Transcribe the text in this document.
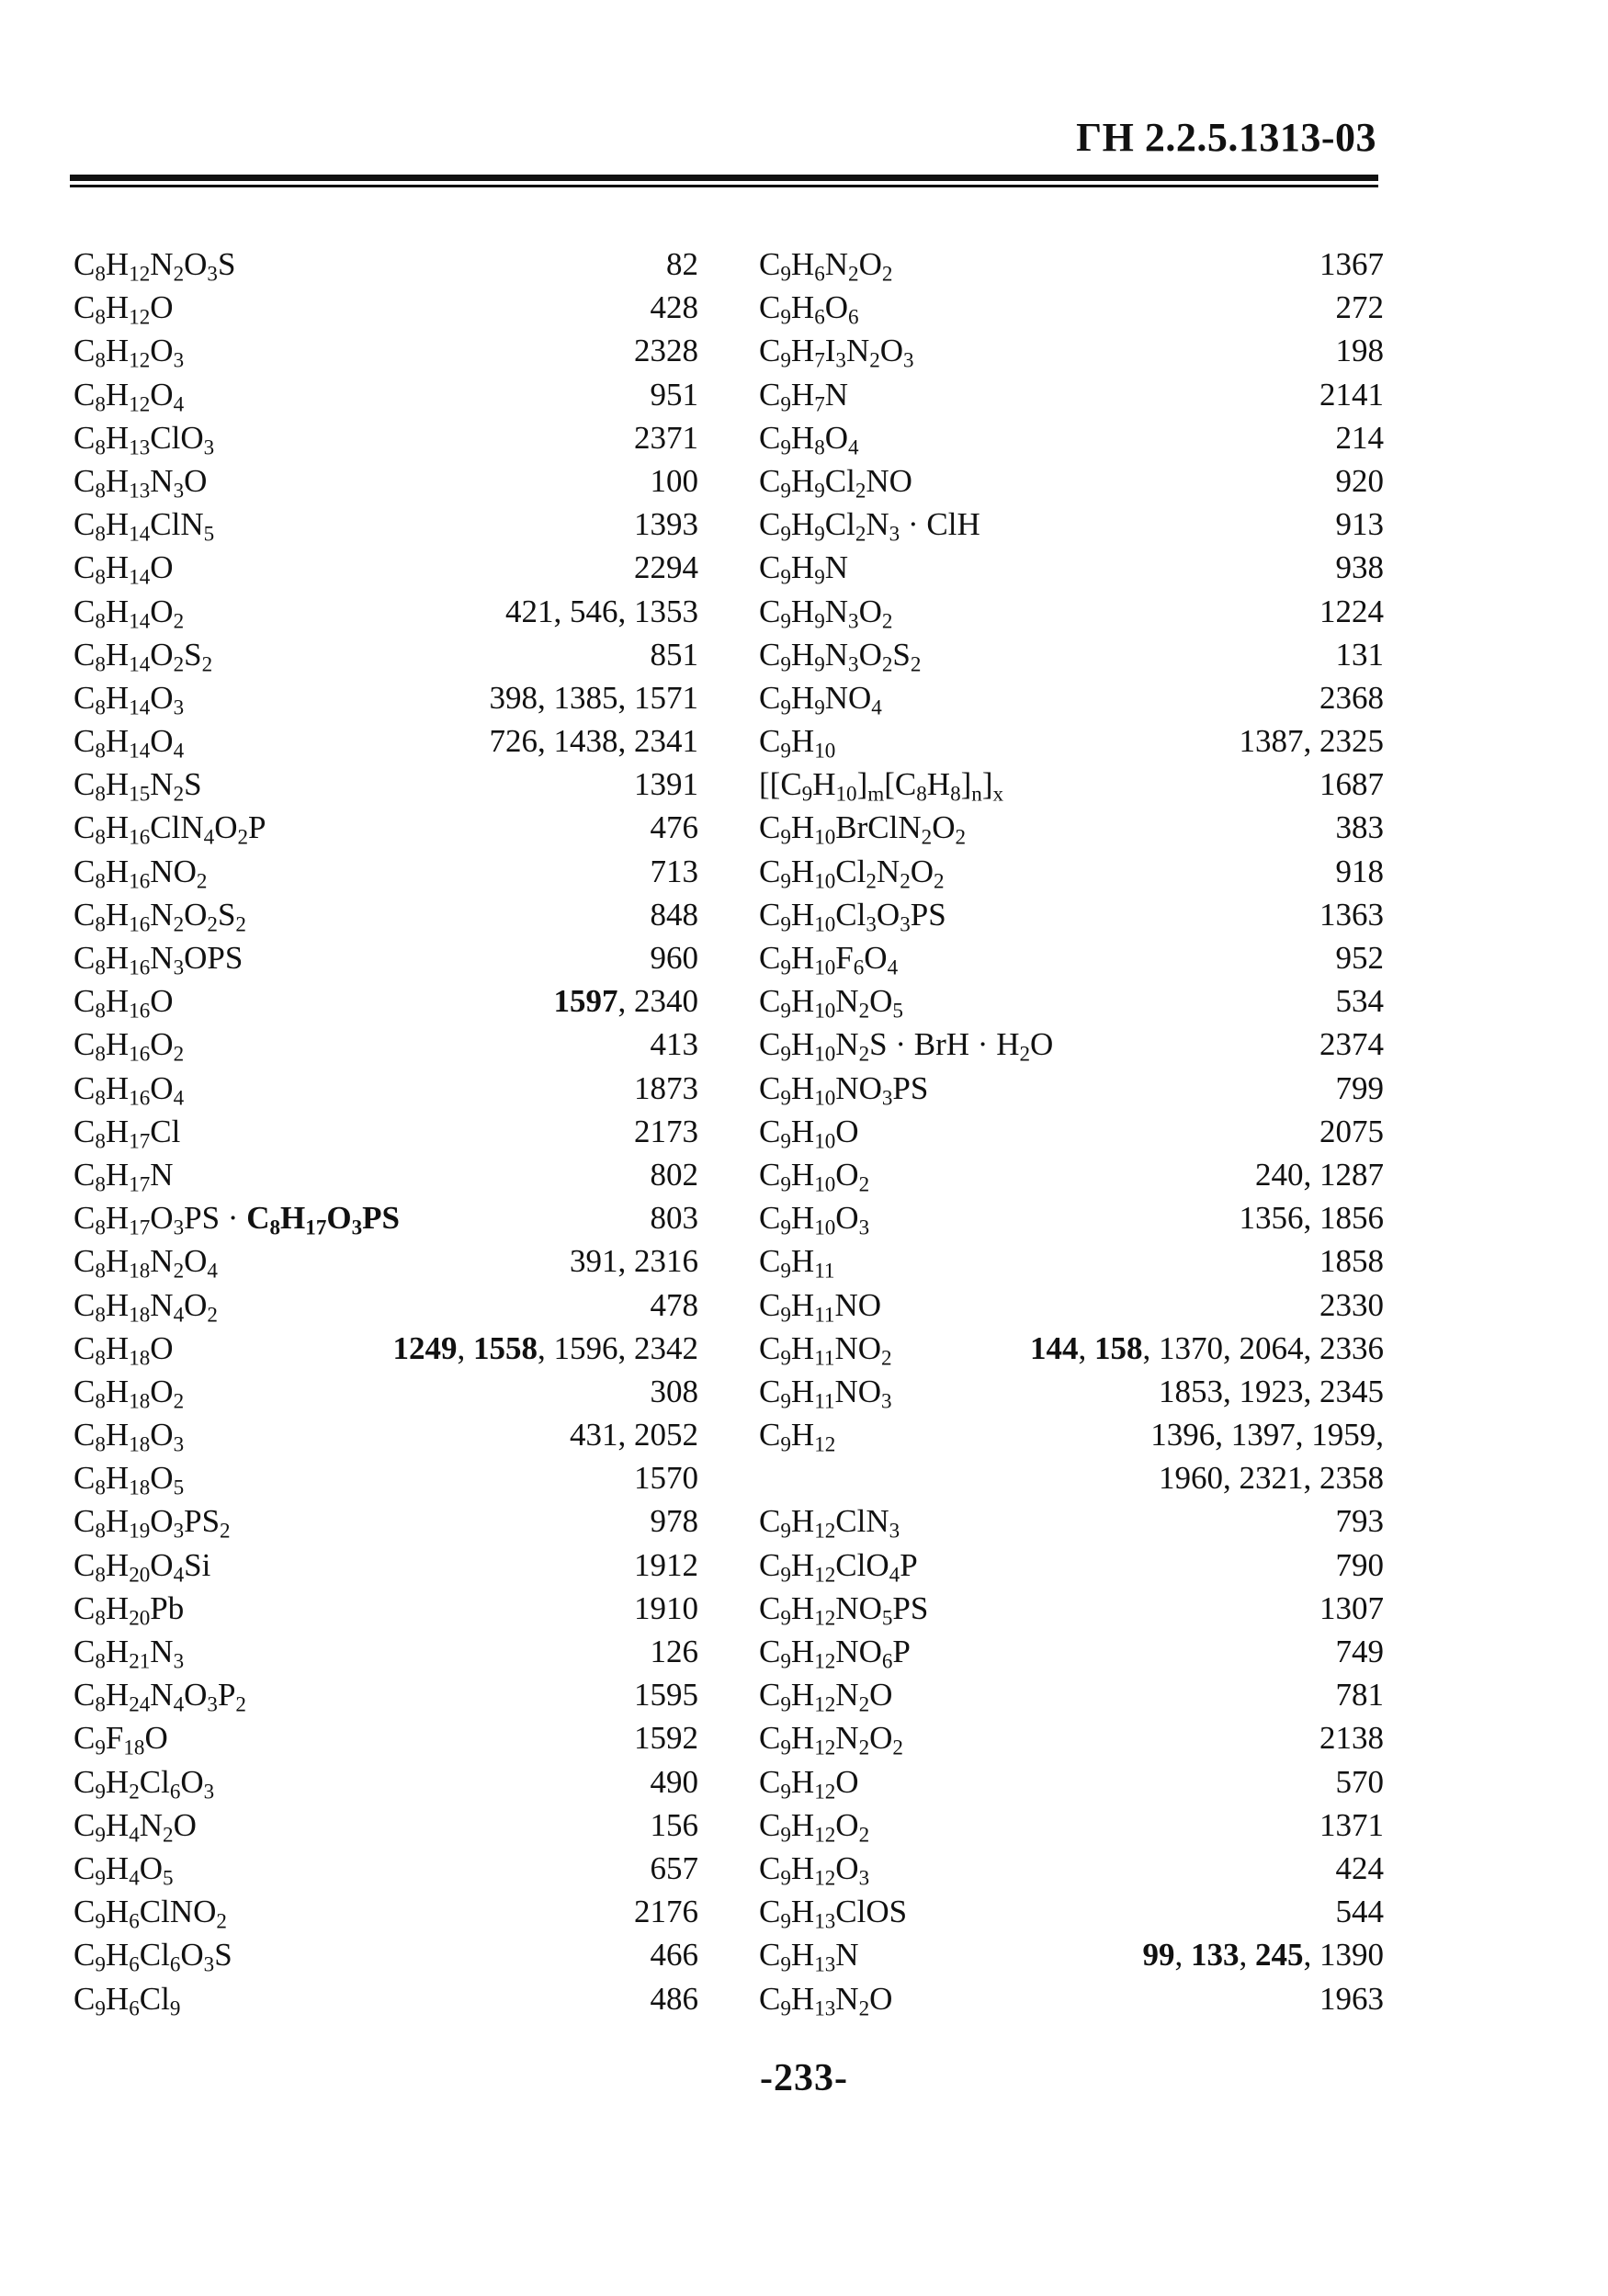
ГН 2.2.5.1313-03
$C_8H_{12}N_2O_3S$	82
$C_8H_{12}O$	428
$C_8H_{12}O_3$	2328
$C_8H_{12}O_4$	951
$C_8H_{13}ClO_3$	2371
$C_8H_{13}N_3O$	100
$C_8H_{14}ClN_5$	1393
$C_8H_{14}O$	2294
$C_8H_{14}O_2$	421, 546, 1353
$C_8H_{14}O_2S_2$	851
$C_8H_{14}O_3$	398, 1385, 1571
$C_8H_{14}O_4$	726, 1438, 2341
$C_8H_{15}N_2S$	1391
$C_8H_{16}ClN_4O_2P$	476
$C_8H_{16}NO_2$	713
$C_8H_{16}N_2O_2S_2$	848
$C_8H_{16}N_3OPS$	960
$C_8H_{16}O$	1597, 2340
$C_8H_{16}O_2$	413
$C_8H_{16}O_4$	1873
$C_8H_{17}Cl$	2173
$C_8H_{17}N$	802
$C_8H_{17}O_3PS \cdot C_8H_{17}O_3PS$	803
$C_8H_{18}N_2O_4$	391, 2316
$C_8H_{18}N_4O_2$	478
$C_8H_{18}O$	1249, 1558, 1596, 2342
$C_8H_{18}O_2$	308
$C_8H_{18}O_3$	431, 2052
$C_8H_{18}O_5$	1570
$C_8H_{19}O_3PS_2$	978
$C_8H_{20}O_4Si$	1912
$C_8H_{20}Pb$	1910
$C_8H_{21}N_3$	126
$C_8H_{24}N_4O_3P_2$	1595
$C_9F_{18}O$	1592
$C_9H_2Cl_6O_3$	490
$C_9H_4N_2O$	156
$C_9H_4O_5$	657
$C_9H_6ClNO_2$	2176
$C_9H_6Cl_6O_3S$	466
$C_9H_6Cl_9$	486
$C_9H_6N_2O_2$	1367
$C_9H_6O_6$	272
$C_9H_7I_3N_2O_3$	198
$C_9H_7N$	2141
$C_9H_8O_4$	214
$C_9H_9Cl_2NO$	920
$C_9H_9Cl_2N_3$ · ClH	913
$C_9H_9N$	938
$C_9H_9N_3O_2$	1224
$C_9H_9N_3O_2S_2$	131
$C_9H_9NO_4$	2368
$C_9H_{10}$	1387, 2325
$[[C_9H_{10}]_m[C_8H_8]_n]_x$	1687
$C_9H_{10}BrClN_2O_2$	383
$C_9H_{10}Cl_2N_2O_2$	918
$C_9H_{10}Cl_3O_3PS$	1363
$C_9H_{10}F_6O_4$	952
$C_9H_{10}N_2O_5$	534
$C_9H_{10}N_2S$ · BrH · $H_2O$	2374
$C_9H_{10}NO_3PS$	799
$C_9H_{10}O$	2075
$C_9H_{10}O_2$	240, 1287
$C_9H_{10}O_3$	1356, 1856
$C_9H_{11}$	1858
$C_9H_{11}NO$	2330
$C_9H_{11}NO_2$	144, 158, 1370, 2064, 2336
$C_9H_{11}NO_3$	1853, 1923, 2345
$C_9H_{12}$	1396, 1397, 1959,
1960, 2321, 2358
$C_9H_{12}ClN_3$	793
$C_9H_{12}ClO_4P$	790
$C_9H_{12}NO_5PS$	1307
$C_9H_{12}NO_6P$	749
$C_9H_{12}N_2O$	781
$C_9H_{12}N_2O_2$	2138
$C_9H_{12}O$	570
$C_9H_{12}O_2$	1371
$C_9H_{12}O_3$	424
$C_9H_{13}ClOS$	544
$C_9H_{13}N$	99, 133, 245, 1390
$C_9H_{13}N_2O$	1963
-233-
